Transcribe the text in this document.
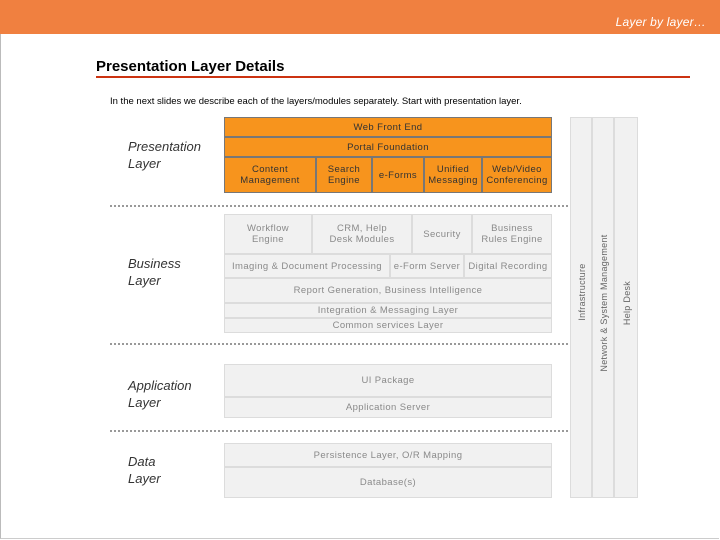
Layer by layer…
Presentation Layer Details
In the next slides we describe each of the layers/modules separately. Start with presentation layer.
Presentation
Layer
Business
Layer
Application
Layer
Data
Layer
Web Front End
Portal Foundation
Content
Management
Search
Engine e-Forms Unified
Messaging
Web/Video
Conferencing
Workflow
Engine
CRM, Help
Desk Modules	Security	Business
Rules Engine
Imaging & Document Processing e-Form Server Digital Recording
Report Generation, Business Intelligence
Integration & Messaging Layer
Common services Layer
UI Package
Application Server
Persistence Layer, O/R Mapping
Database(s)
Infrastructure Network & System Management Help Desk
